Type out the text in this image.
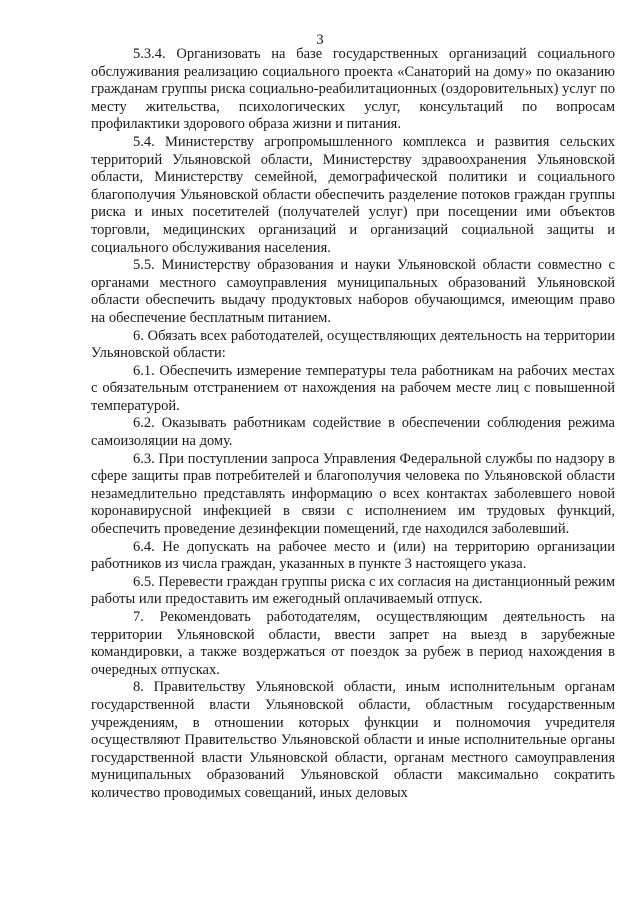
3

5.3.4. Организовать на базе государственных организаций социального обслуживания реализацию социального проекта «Санаторий на дому» по оказанию гражданам группы риска социально-реабилитационных (оздоровительных) услуг по месту жительства, психологических услуг, консультаций по вопросам профилактики здорового образа жизни и питания.

5.4. Министерству агропромышленного комплекса и развития сельских территорий Ульяновской области, Министерству здравоохранения Ульяновской области, Министерству семейной, демографической политики и социального благополучия Ульяновской области обеспечить разделение потоков граждан группы риска и иных посетителей (получателей услуг) при посещении ими объектов торговли, медицинских организаций и организаций социальной защиты и социального обслуживания населения.

5.5. Министерству образования и науки Ульяновской области совместно с органами местного самоуправления муниципальных образований Ульяновской области обеспечить выдачу продуктовых наборов обучающимся, имеющим право на обеспечение бесплатным питанием.

6. Обязать всех работодателей, осуществляющих деятельность на территории Ульяновской области:

6.1. Обеспечить измерение температуры тела работникам на рабочих местах с обязательным отстранением от нахождения на рабочем месте лиц с повышенной температурой.

6.2. Оказывать работникам содействие в обеспечении соблюдения режима самоизоляции на дому.

6.3. При поступлении запроса Управления Федеральной службы по надзору в сфере защиты прав потребителей и благополучия человека по Ульяновской области незамедлительно представлять информацию о всех контактах заболевшего новой коронавирусной инфекцией в связи с исполнением им трудовых функций, обеспечить проведение дезинфекции помещений, где находился заболевший.

6.4. Не допускать на рабочее место и (или) на территорию организации работников из числа граждан, указанных в пункте 3 настоящего указа.

6.5. Перевести граждан группы риска с их согласия на дистанционный режим работы или предоставить им ежегодный оплачиваемый отпуск.

7. Рекомендовать работодателям, осуществляющим деятельность на территории Ульяновской области, ввести запрет на выезд в зарубежные командировки, а также воздержаться от поездок за рубеж в период нахождения в очередных отпусках.

8. Правительству Ульяновской области, иным исполнительным органам государственной власти Ульяновской области, областным государственным учреждениям, в отношении которых функции и полномочия учредителя осуществляют Правительство Ульяновской области и иные исполнительные органы государственной власти Ульяновской области, органам местного самоуправления муниципальных образований Ульяновской области максимально сократить количество проводимых совещаний, иных деловых
